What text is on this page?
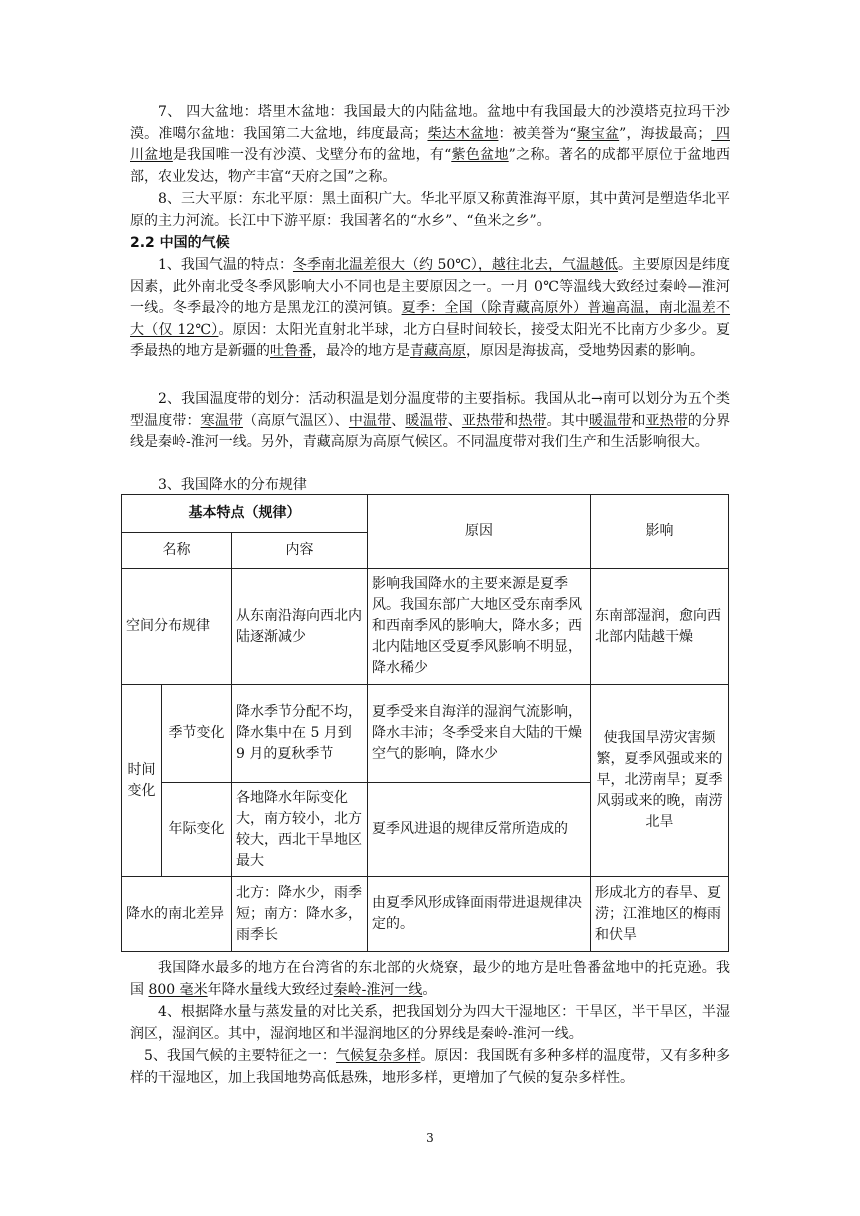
7、 四大盆地：塔里木盆地：我国最大的内陆盆地。盆地中有我国最大的沙漠塔克拉玛干沙漠。准噶尔盆地：我国第二大盆地，纬度最高；柴达木盆地：被美誉为“聚宝盆”，海拔最高； 四川盆地是我国唯一没有沙漠、戈壁分布的盆地，有“紫色盆地”之称。著名的成都平原位于盆地西部，农业发达，物产丰富“天府之国”之称。

8、三大平原：东北平原：黑土面积广大。华北平原又称黄淮海平原，其中黄河是塑造华北平原的主力河流。长江中下游平原：我国著名的“水乡”、“鱼米之乡”。

2.2 中国的气候

1、我国气温的特点：冬季南北温差很大（约 50℃），越往北去，气温越低。主要原因是纬度因素，此外南北受冬季风影响大小不同也是主要原因之一。一月 0℃等温线大致经过秦岭—淮河一线。冬季最冷的地方是黑龙江的漠河镇。夏季：全国（除青藏高原外）普遍高温，南北温差不大（仅 12℃）。原因：太阳光直射北半球，北方白昼时间较长，接受太阳光不比南方少多少。夏季最热的地方是新疆的吐鲁番，最冷的地方是青藏高原，原因是海拔高，受地势因素的影响。

2、我国温度带的划分：活动积温是划分温度带的主要指标。我国从北→南可以划分为五个类型温度带：寒温带（高原气温区）、中温带、暖温带、亚热带和热带。其中暖温带和亚热带的分界线是秦岭-淮河一线。另外，青藏高原为高原气候区。不同温度带对我们生产和生活影响很大。

3、我国降水的分布规律

基本特点（规律）			原因	影响
名称		内容		
空间分布规律		从东南沿海向西北内陆逐渐减少	影响我国降水的主要来源是夏季风。我国东部广大地区受东南季风和西南季风的影响大，降水多；西北内陆地区受夏季风影响不明显，降水稀少	东南部湿润，愈向西北部内陆越干燥
时间变化	季节变化	降水季节分配不均，降水集中在 5 月到 9 月的夏秋季节	夏季受来自海洋的湿润气流影响，降水丰沛；冬季受来自大陆的干燥空气的影响，降水少	使我国旱涝灾害频繁，夏季风强或来的早，北涝南旱；夏季风弱或来的晚，南涝北旱
	年际变化	各地降水年际变化大，南方较小，北方较大，西北干旱地区最大	夏季风进退的规律反常所造成的	
降水的南北差异		北方：降水少，雨季短；南方：降水多，雨季长	由夏季风形成锋面雨带进退规律决定的。	形成北方的春旱、夏涝；江淮地区的梅雨和伏旱

我国降水最多的地方在台湾省的东北部的火烧寮，最少的地方是吐鲁番盆地中的托克逊。我国 800 毫米年降水量线大致经过秦岭-淮河一线。

4、根据降水量与蒸发量的对比关系，把我国划分为四大干湿地区：干旱区，半干旱区，半湿润区，湿润区。其中，湿润地区和半湿润地区的分界线是秦岭-淮河一线。

5、我国气候的主要特征之一：气候复杂多样。原因：我国既有多种多样的温度带，又有多种多样的干湿地区，加上我国地势高低悬殊，地形多样，更增加了气候的复杂多样性。

3
